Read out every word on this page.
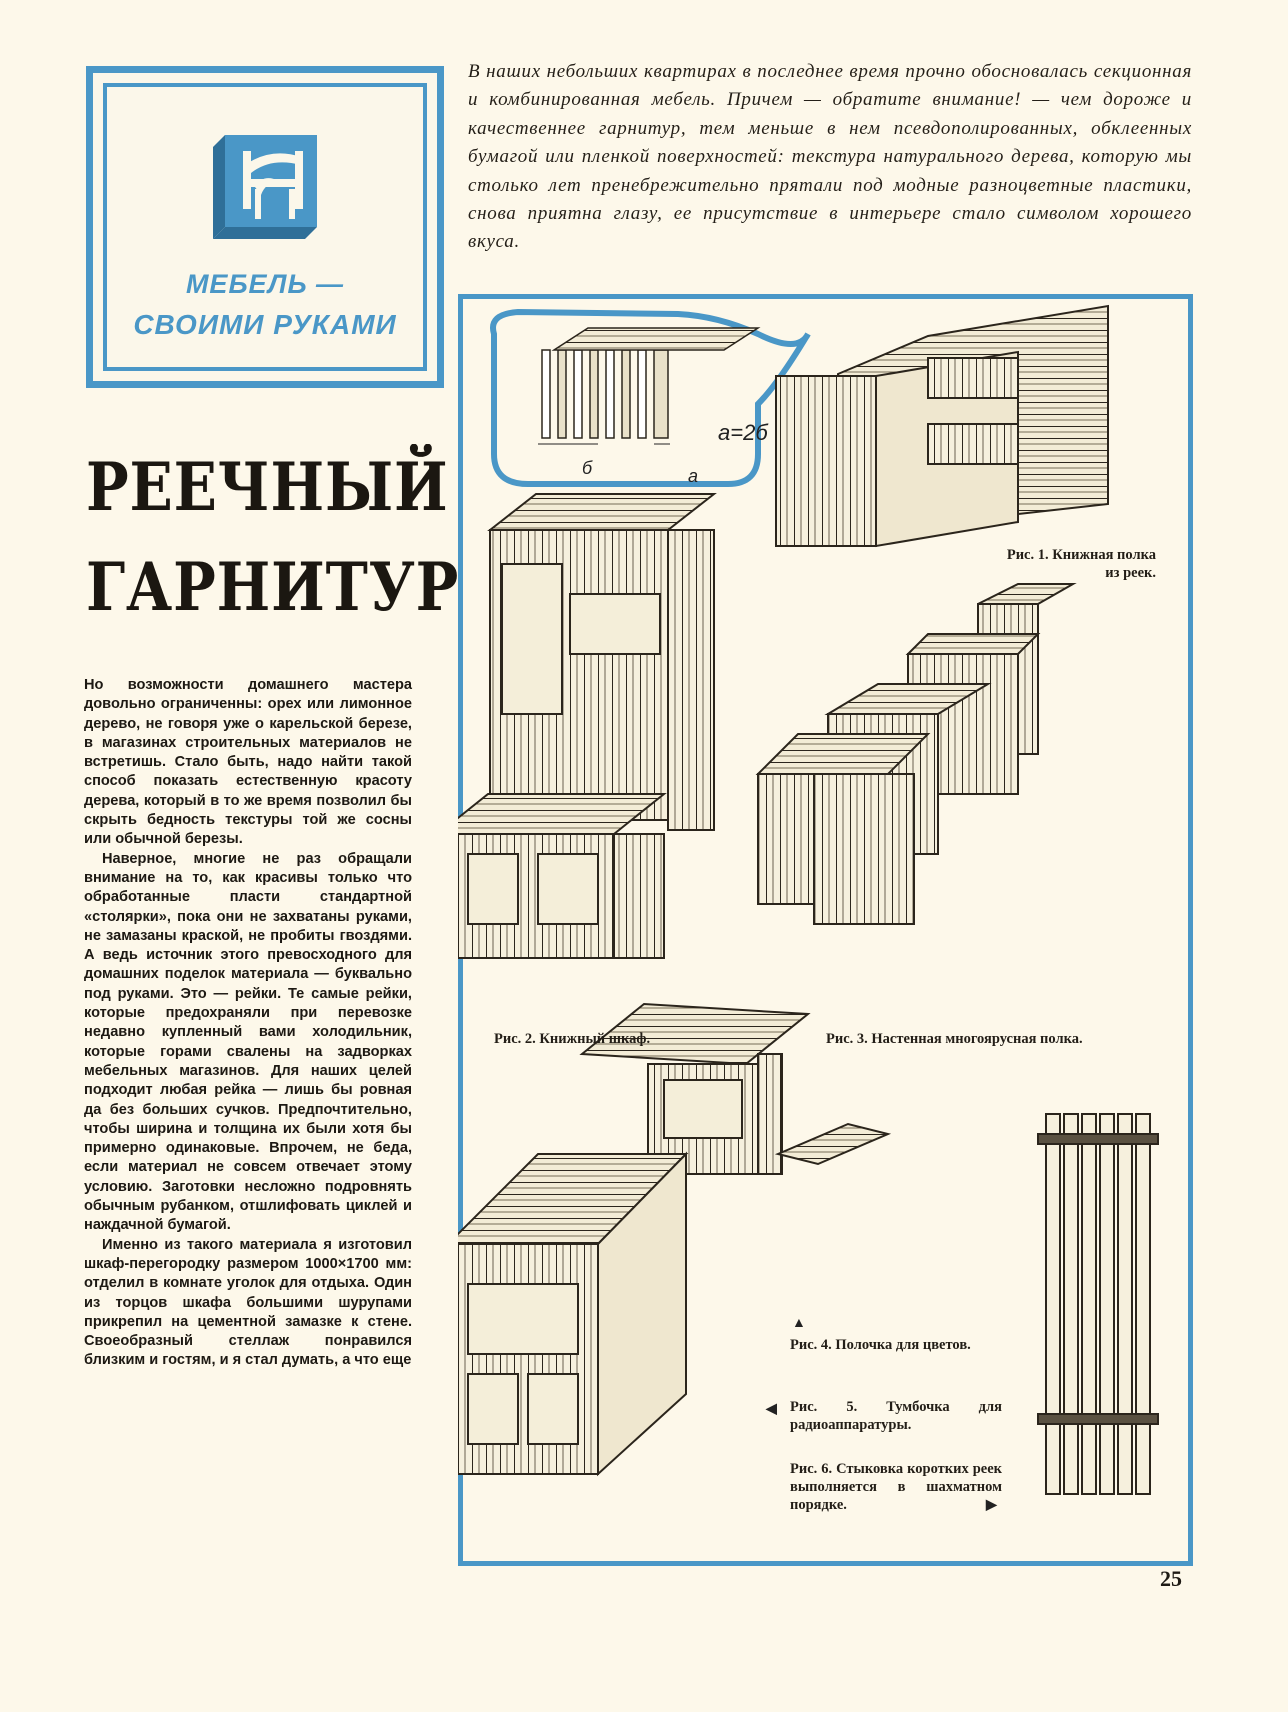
МЕБЕЛЬ —
СВОИМИ РУКАМИ
РЕЕЧНЫЙ
ГАРНИТУР
В наших небольших квартирах в последнее время прочно обосновалась секционная и комбинированная мебель. Причем — обратите внимание! — чем дороже и качественнее гарнитур, тем меньше в нем псевдополированных, обклеенных бумагой или пленкой поверхностей: текстура натурального дерева, которую мы столько лет пренебрежительно прятали под модные разноцветные пластики, снова приятна глазу, ее присутствие в интерьере стало символом хорошего вкуса.

Но возможности домашнего мастера довольно ограниченны: орех или лимонное дерево, не говоря уже о карельской березе, в магазинах строительных материалов не встретишь. Стало быть, надо найти такой способ показать естественную красоту дерева, который в то же время позволил бы скрыть бедность текстуры той же сосны или обычной березы.

Наверное, многие не раз обращали внимание на то, как красивы только что обработанные пласти стандартной «столярки», пока они не захватаны руками, не замазаны краской, не пробиты гвоздями. А ведь источник этого превосходного для домашних поделок материала — буквально под руками. Это — рейки. Те самые рейки, которые предохраняли при перевозке недавно купленный вами холодильник, которые горами свалены на задворках мебельных магазинов. Для наших целей подходит любая рейка — лишь бы ровная да без больших сучков. Предпочтительно, чтобы ширина и толщина их были хотя бы примерно одинаковые. Впрочем, не беда, если материал не совсем отвечает этому условию. Заготовки несложно подровнять обычным рубанком, отшлифовать циклей и наждачной бумагой.

Именно из такого материала я изготовил шкаф-перегородку размером 1000×1700 мм: отделил в комнате уголок для отдыха. Один из торцов шкафа большими шурупами прикрепил на цементной замазке к стене. Своеобразный стеллаж понравился близким и гостям, и я стал думать, а что еще

a=2б
б	a
Рис. 1. Книжная полка из реек.
Рис. 2. Книжный шкаф.	Рис. 3. Настенная многоярусная полка.
▲
Рис. 4. Полочка для цветов.
◀ Рис. 5. Тумбочка для радиоаппаратуры.
Рис. 6. Стыковка коротких реек выполняется в шахматном порядке.	▶
25
